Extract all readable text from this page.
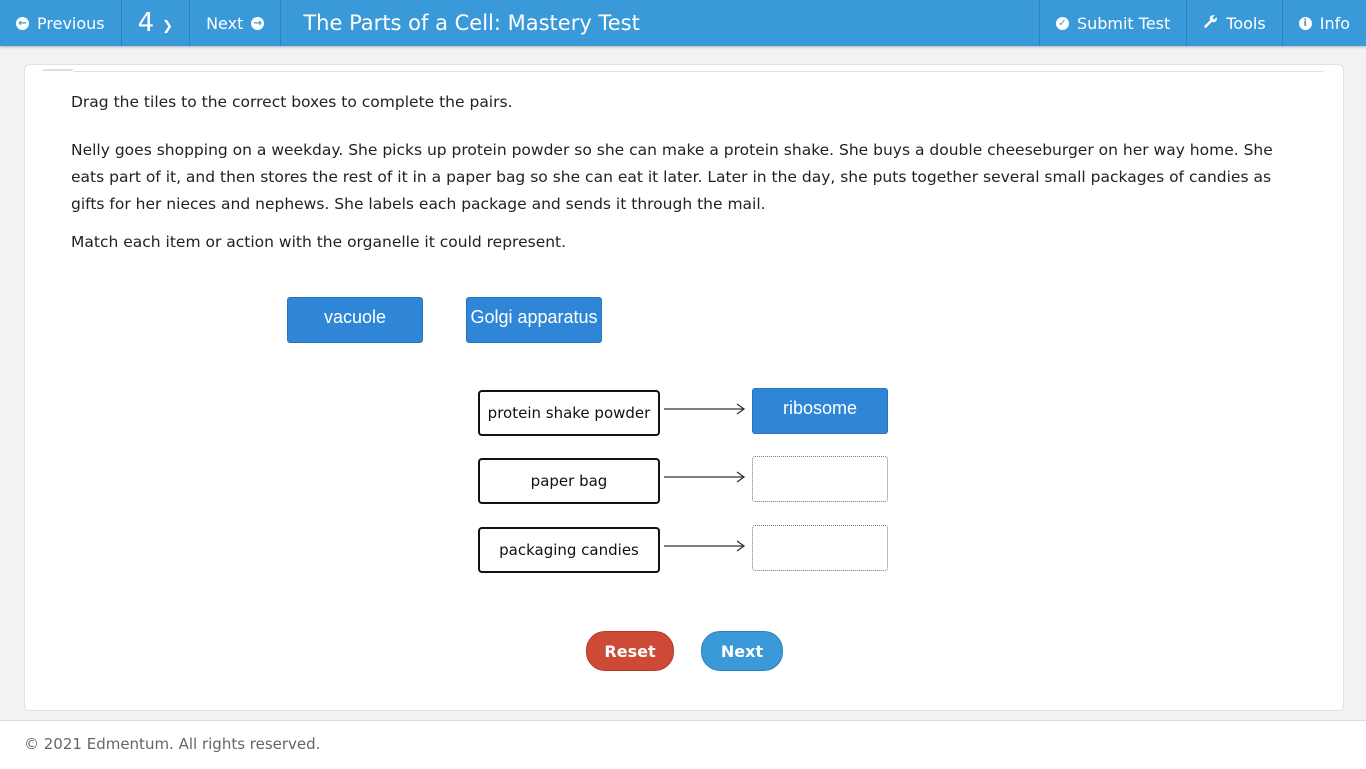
← Previous 4 ❯ Next →	The Parts of a Cell: Mastery Test	✓ Submit Test	Tools	i Info
Drag the tiles to the correct boxes to complete the pairs.
Nelly goes shopping on a weekday. She picks up protein powder so she can make a protein shake. She buys a double cheeseburger on her way home. She eats part of it, and then stores the rest of it in a paper bag so she can eat it later. Later in the day, she puts together several small packages of candies as gifts for her nieces and nephews. She labels each package and sends it through the mail.
Match each item or action with the organelle it could represent.
vacuole	Golgi apparatus
protein shake powder	ribosome
paper bag
packaging candies
Reset	Next
© 2021 Edmentum. All rights reserved.
